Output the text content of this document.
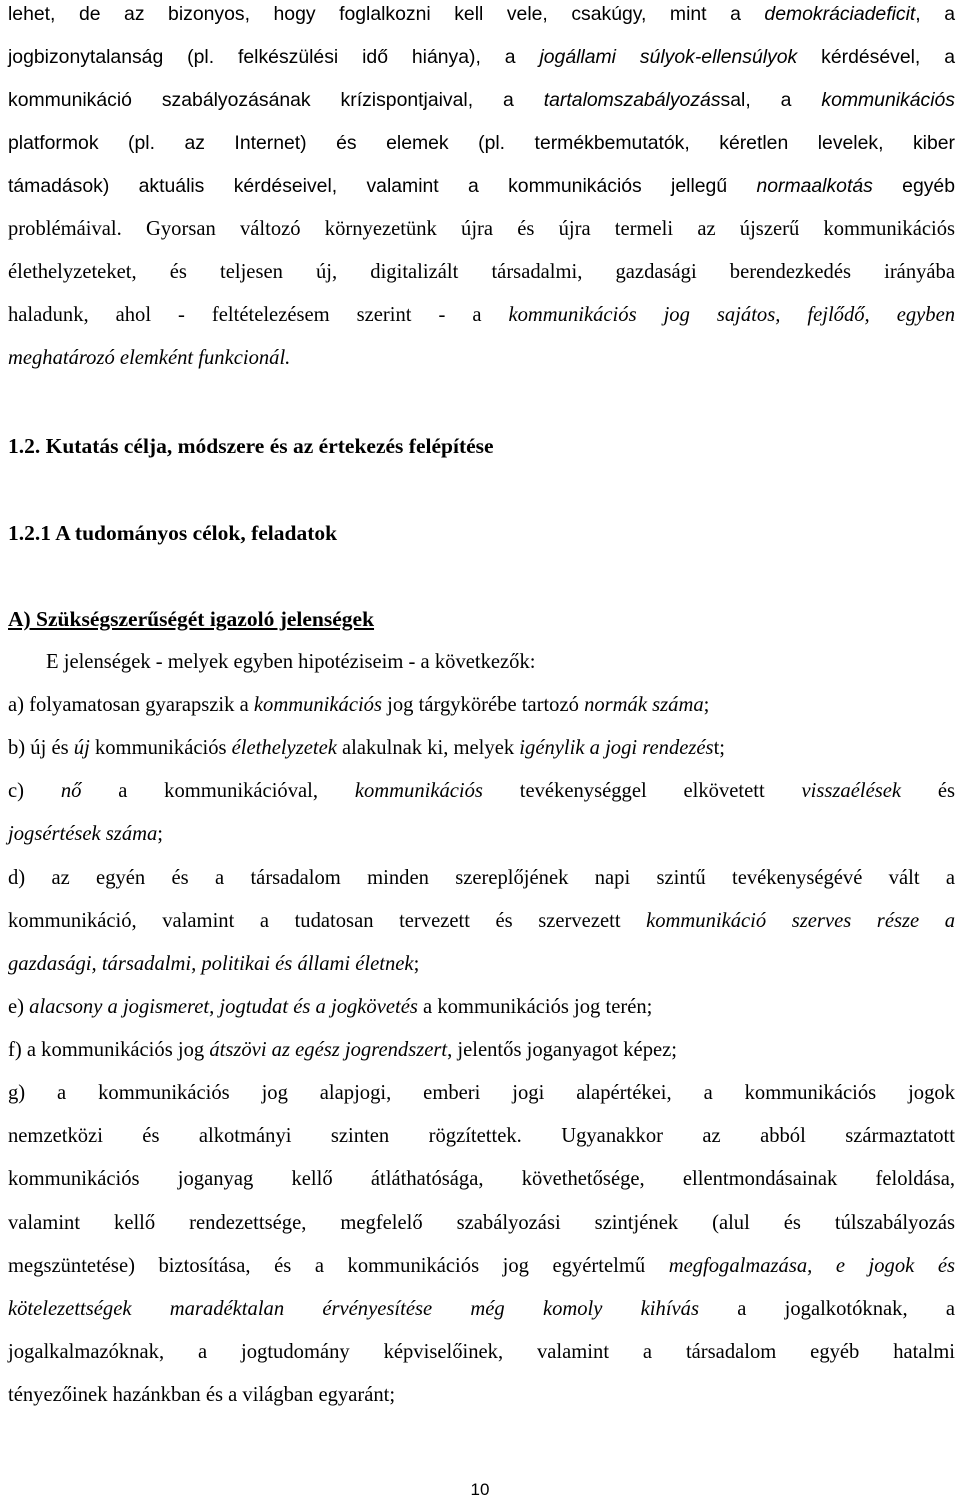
lehet, de az bizonyos, hogy foglalkozni kell vele, csakúgy, mint a demokráciadeficit, a
jogbizonytalanság (pl. felkészülési idő hiánya), a jogállami súlyok-ellensúlyok kérdésével, a
kommunikáció szabályozásának krízispontjaival, a tartalomszabályozással, a kommunikációs
platformok (pl. az Internet) és elemek (pl. termékbemutatók, kéretlen levelek, kiber
támadások) aktuális kérdéseivel, valamint a kommunikációs jellegű normaalkotás egyéb
problémáival. Gyorsan változó környezetünk újra és újra termeli az újszerű kommunikációs
élethelyzeteket, és teljesen új, digitalizált társadalmi, gazdasági berendezkedés irányába
haladunk, ahol - feltételezésem szerint - a kommunikációs jog sajátos, fejlődő, egyben
meghatározó elemként funkcionál.
1.2. Kutatás célja, módszere és az értekezés felépítése
1.2.1 A tudományos célok, feladatok
A) Szükségszerűségét igazoló jelenségek
E jelenségek - melyek egyben hipotéziseim - a következők:
a) folyamatosan gyarapszik a kommunikációs jog tárgykörébe tartozó normák száma;
b) új és új kommunikációs élethelyzetek alakulnak ki, melyek igénylik a jogi rendezést;
c) nő a kommunikációval, kommunikációs tevékenységgel elkövetett visszaélések és
jogsértések száma;
d) az egyén és a társadalom minden szereplőjének napi szintű tevékenységévé vált a
kommunikáció, valamint a tudatosan tervezett és szervezett kommunikáció szerves része a
gazdasági, társadalmi, politikai és állami életnek;
e) alacsony a jogismeret, jogtudat és a jogkövetés a kommunikációs jog terén;
f) a kommunikációs jog átszövi az egész jogrendszert, jelentős joganyagot képez;
g) a kommunikációs jog alapjogi, emberi jogi alapértékei, a kommunikációs jogok
nemzetközi és alkotmányi szinten rögzítettek. Ugyanakkor az abból származtatott
kommunikációs joganyag kellő átláthatósága, követhetősége, ellentmondásainak feloldása,
valamint kellő rendezettsége, megfelelő szabályozási szintjének (alul és túlszabályozás
megszüntetése) biztosítása, és a kommunikációs jog egyértelmű megfogalmazása, e jogok és
kötelezettségek maradéktalan érvényesítése még komoly kihívás a jogalkotóknak, a
jogalkalmazóknak, a jogtudomány képviselőinek, valamint a társadalom egyéb hatalmi
tényezőinek hazánkban és a világban egyaránt;
10
